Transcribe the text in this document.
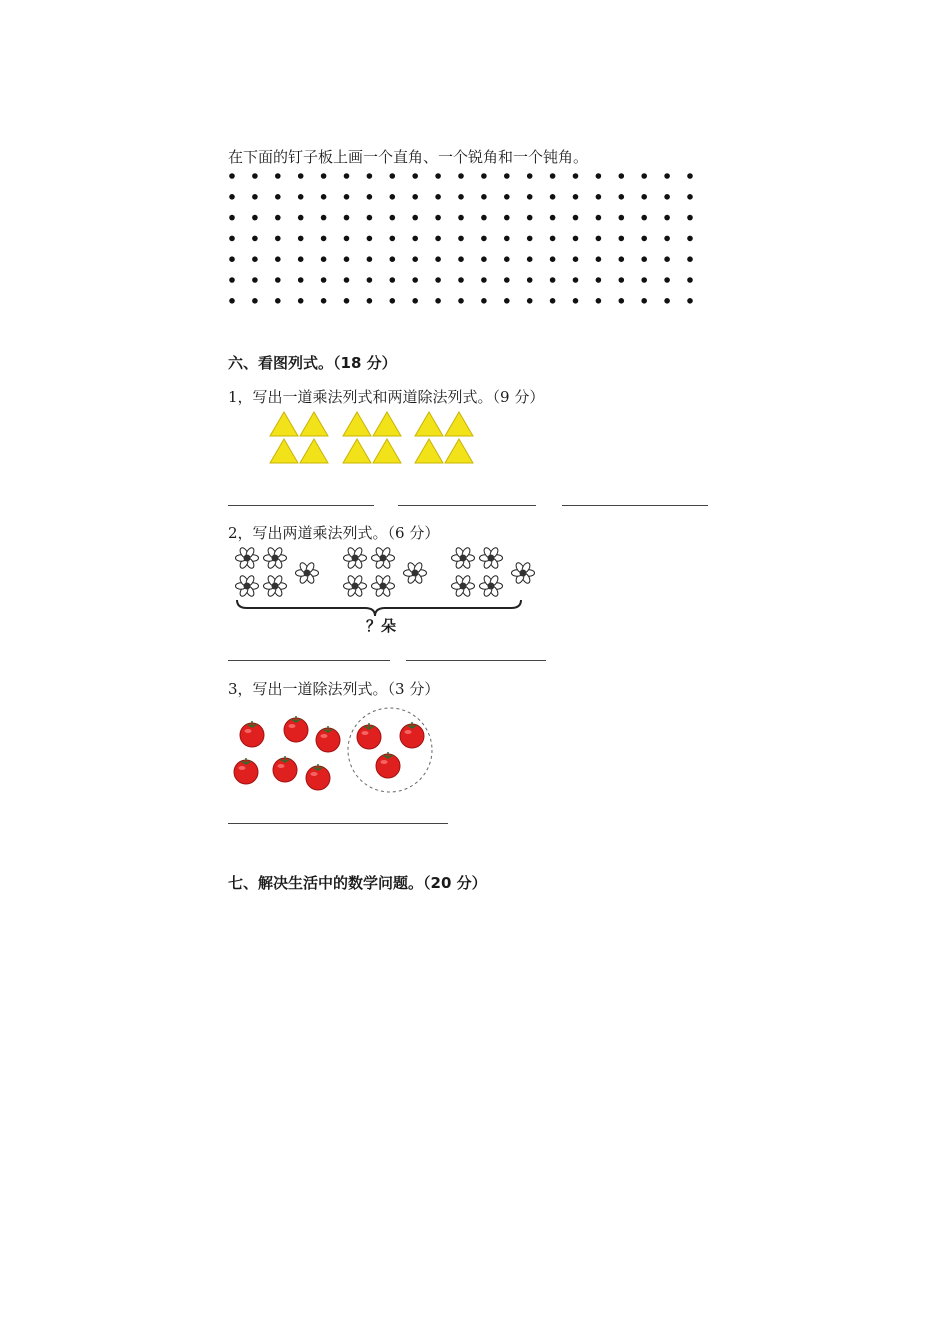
在下面的钉子板上画一个直角、一个锐角和一个钝角。
六、看图列式。（18 分）
1，写出一道乘法列式和两道除法列式。（9 分）
2，写出两道乘法列式。（6 分）
？朵
3，写出一道除法列式。（3 分）
七、解决生活中的数学问题。（20 分）
